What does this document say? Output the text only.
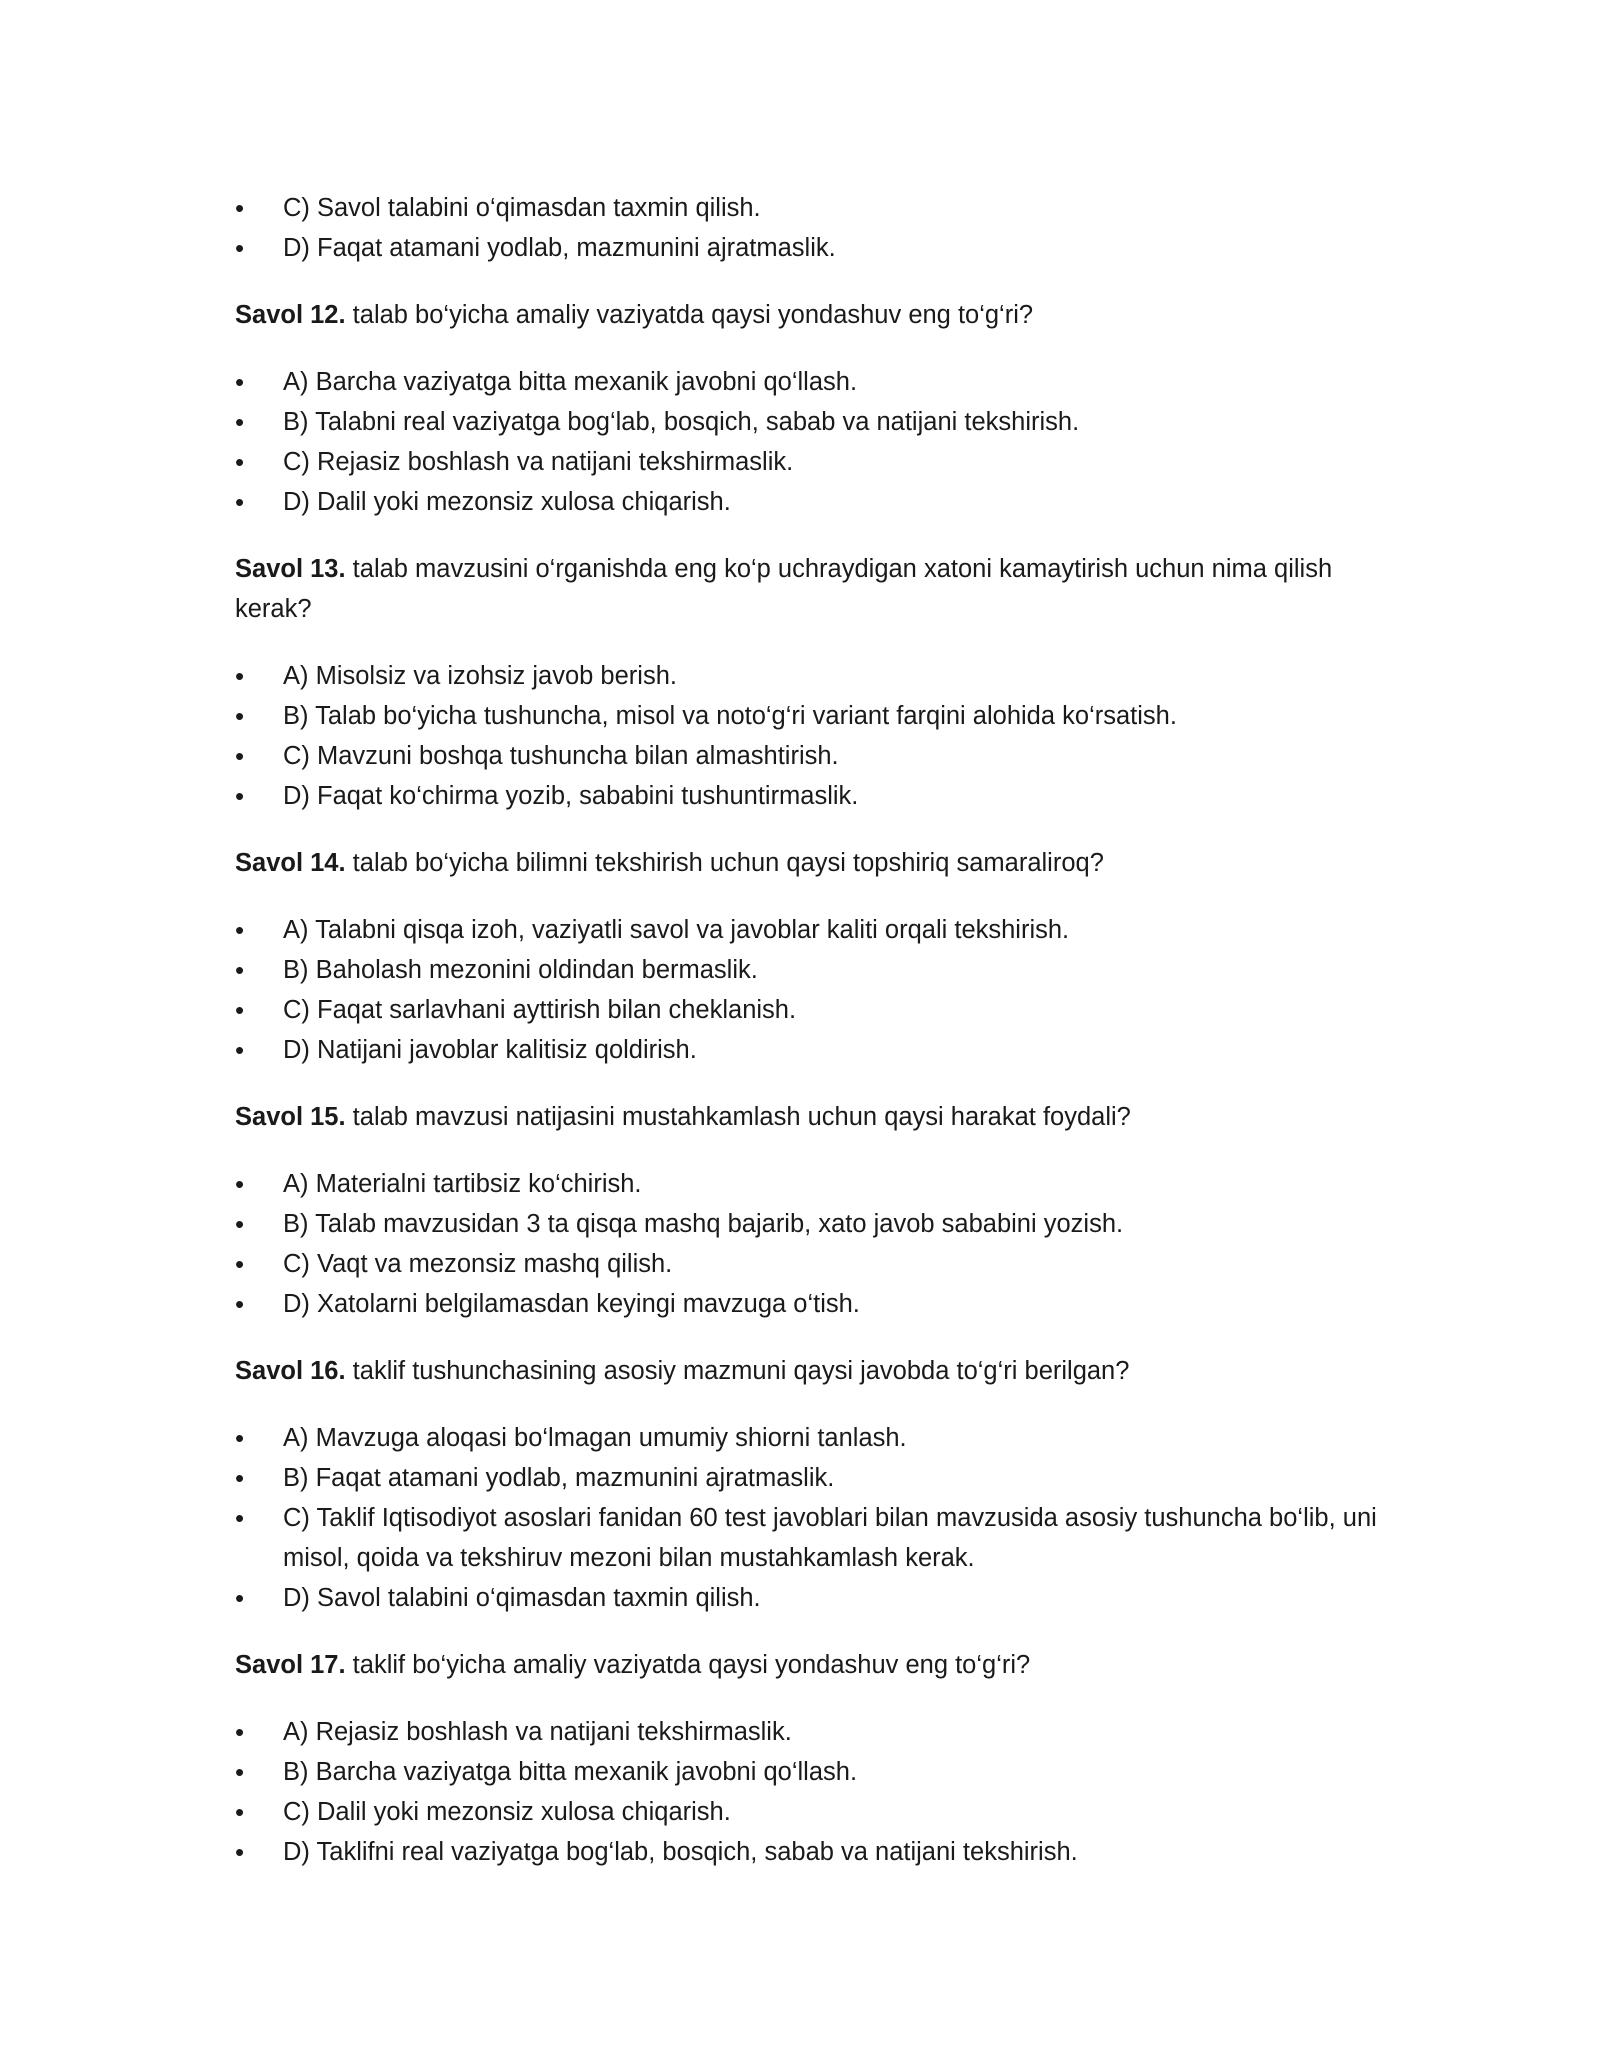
• C) Savol talabini o‘qimasdan taxmin qilish.
• D) Faqat atamani yodlab, mazmunini ajratmaslik.

Savol 12. talab bo‘yicha amaliy vaziyatda qaysi yondashuv eng to‘g‘ri?

• A) Barcha vaziyatga bitta mexanik javobni qo‘llash.
• B) Talabni real vaziyatga bog‘lab, bosqich, sabab va natijani tekshirish.
• C) Rejasiz boshlash va natijani tekshirmaslik.
• D) Dalil yoki mezonsiz xulosa chiqarish.

Savol 13. talab mavzusini o‘rganishda eng ko‘p uchraydigan xatoni kamaytirish uchun nima qilish kerak?

• A) Misolsiz va izohsiz javob berish.
• B) Talab bo‘yicha tushuncha, misol va noto‘g‘ri variant farqini alohida ko‘rsatish.
• C) Mavzuni boshqa tushuncha bilan almashtirish.
• D) Faqat ko‘chirma yozib, sababini tushuntirmaslik.

Savol 14. talab bo‘yicha bilimni tekshirish uchun qaysi topshiriq samaraliroq?

• A) Talabni qisqa izoh, vaziyatli savol va javoblar kaliti orqali tekshirish.
• B) Baholash mezonini oldindan bermaslik.
• C) Faqat sarlavhani ayttirish bilan cheklanish.
• D) Natijani javoblar kalitisiz qoldirish.

Savol 15. talab mavzusi natijasini mustahkamlash uchun qaysi harakat foydali?

• A) Materialni tartibsiz ko‘chirish.
• B) Talab mavzusidan 3 ta qisqa mashq bajarib, xato javob sababini yozish.
• C) Vaqt va mezonsiz mashq qilish.
• D) Xatolarni belgilamasdan keyingi mavzuga o‘tish.

Savol 16. taklif tushunchasining asosiy mazmuni qaysi javobda to‘g‘ri berilgan?

• A) Mavzuga aloqasi bo‘lmagan umumiy shiorni tanlash.
• B) Faqat atamani yodlab, mazmunini ajratmaslik.
• C) Taklif Iqtisodiyot asoslari fanidan 60 test javoblari bilan mavzusida asosiy tushuncha bo‘lib, uni misol, qoida va tekshiruv mezoni bilan mustahkamlash kerak.
• D) Savol talabini o‘qimasdan taxmin qilish.

Savol 17. taklif bo‘yicha amaliy vaziyatda qaysi yondashuv eng to‘g‘ri?

• A) Rejasiz boshlash va natijani tekshirmaslik.
• B) Barcha vaziyatga bitta mexanik javobni qo‘llash.
• C) Dalil yoki mezonsiz xulosa chiqarish.
• D) Taklifni real vaziyatga bog‘lab, bosqich, sabab va natijani tekshirish.
